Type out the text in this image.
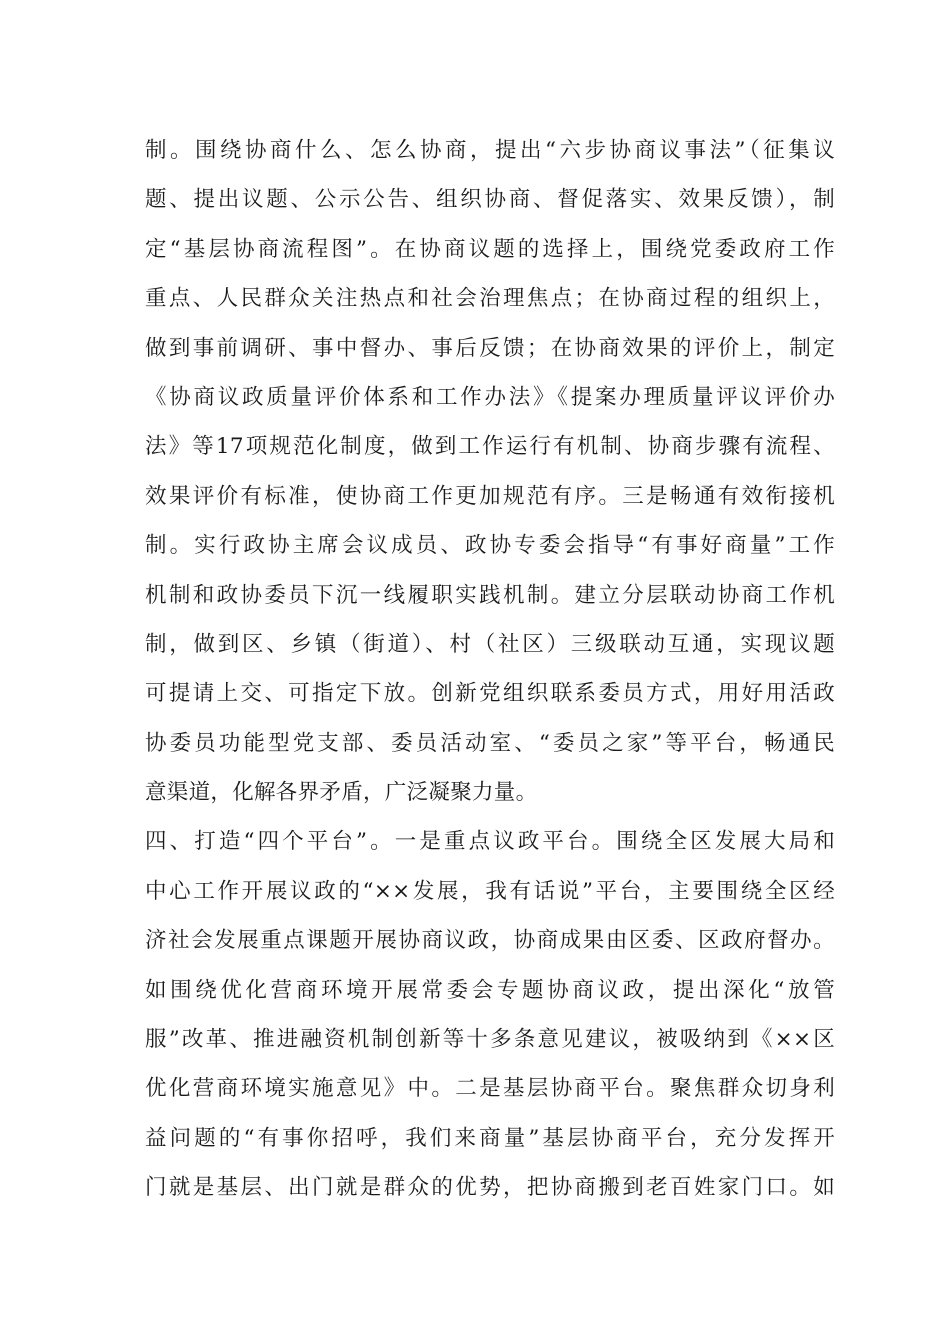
制。围绕协商什么、怎么协商，提出“六步协商议事法”（征集议
题、提出议题、公示公告、组织协商、督促落实、效果反馈），制
定“基层协商流程图”。在协商议题的选择上，围绕党委政府工作
重点、人民群众关注热点和社会治理焦点；在协商过程的组织上，
做到事前调研、事中督办、事后反馈；在协商效果的评价上，制定
《协商议政质量评价体系和工作办法》《提案办理质量评议评价办
法》等17项规范化制度，做到工作运行有机制、协商步骤有流程、
效果评价有标准，使协商工作更加规范有序。三是畅通有效衔接机
制。实行政协主席会议成员、政协专委会指导“有事好商量”工作
机制和政协委员下沉一线履职实践机制。建立分层联动协商工作机
制，做到区、乡镇（街道）、村（社区）三级联动互通，实现议题
可提请上交、可指定下放。创新党组织联系委员方式，用好用活政
协委员功能型党支部、委员活动室、“委员之家”等平台，畅通民
意渠道，化解各界矛盾，广泛凝聚力量。
四、打造“四个平台”。一是重点议政平台。围绕全区发展大局和
中心工作开展议政的“××发展，我有话说”平台，主要围绕全区经
济社会发展重点课题开展协商议政，协商成果由区委、区政府督办。
如围绕优化营商环境开展常委会专题协商议政，提出深化“放管
服”改革、推进融资机制创新等十多条意见建议，被吸纳到《××区
优化营商环境实施意见》中。二是基层协商平台。聚焦群众切身利
益问题的“有事你招呼，我们来商量”基层协商平台，充分发挥开
门就是基层、出门就是群众的优势，把协商搬到老百姓家门口。如
